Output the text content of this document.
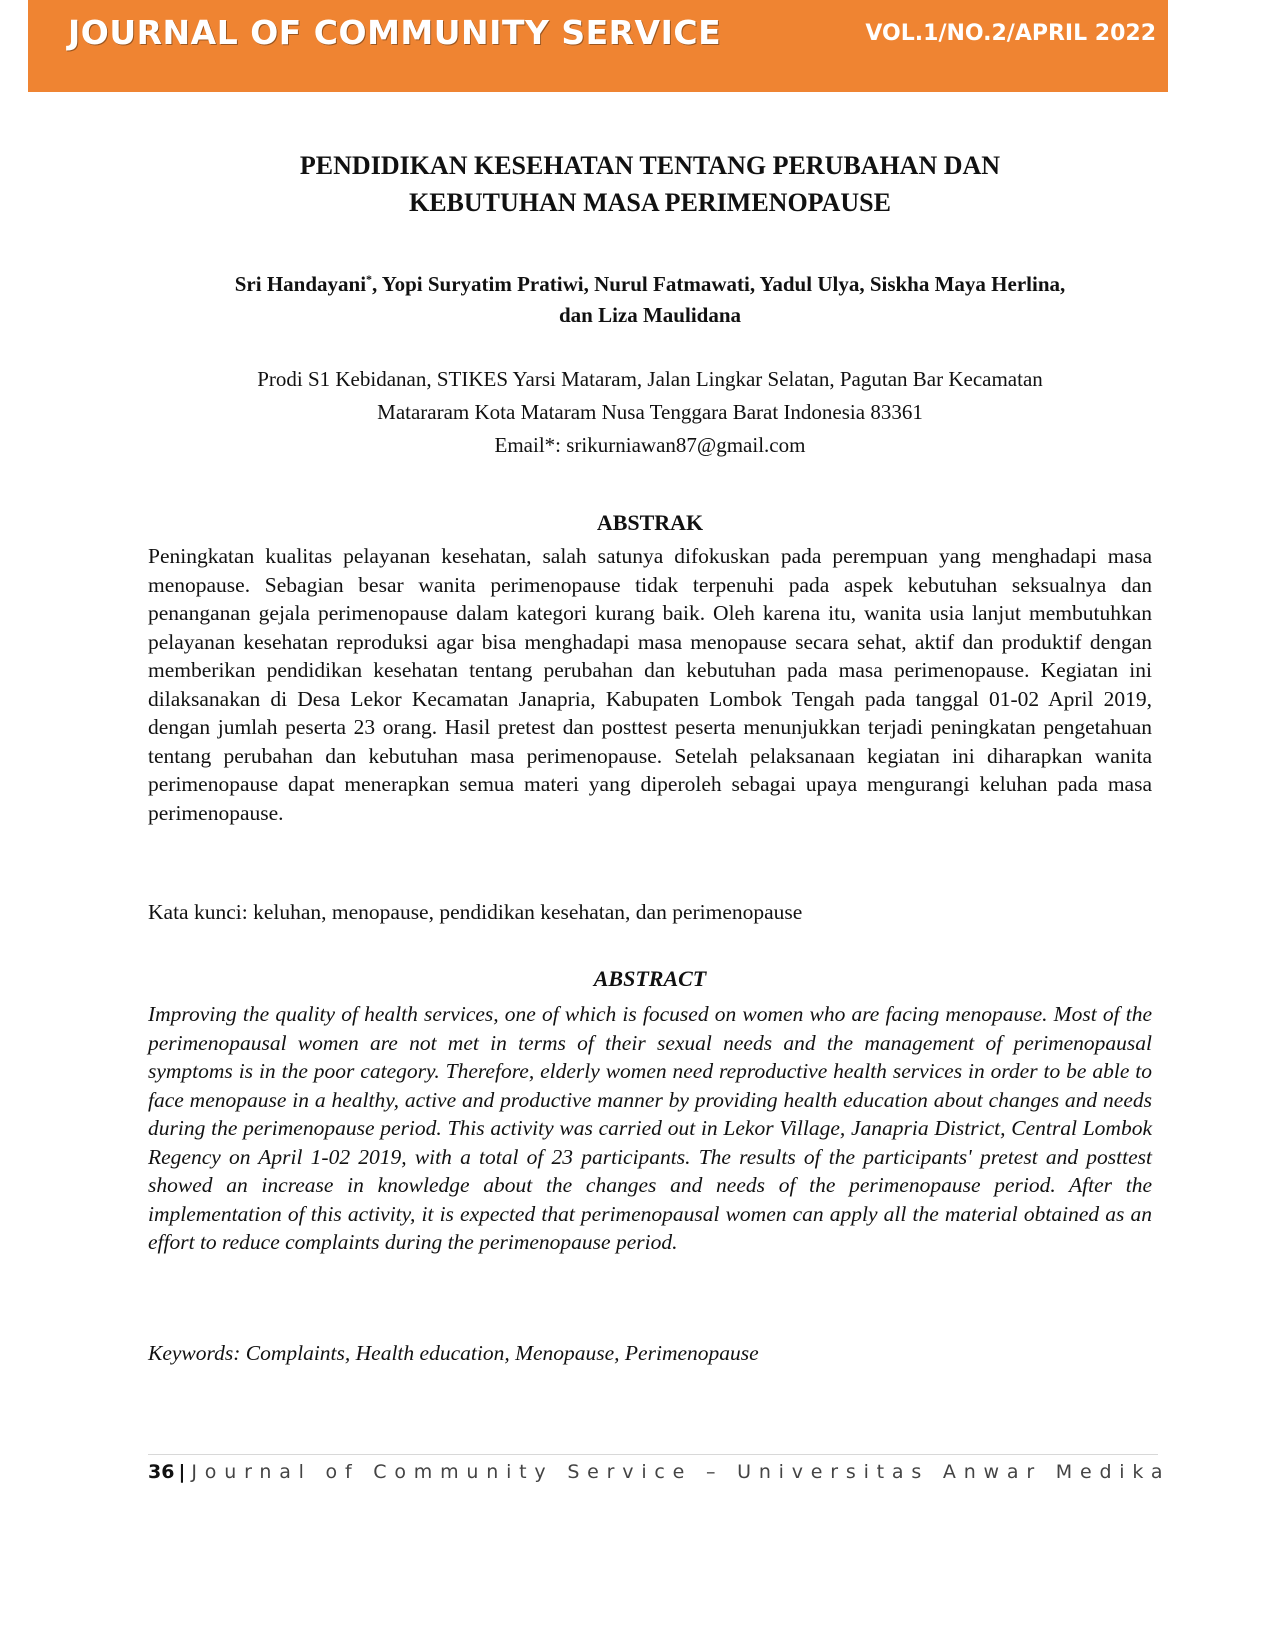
JOURNAL OF COMMUNITY SERVICE	VOL.1/NO.2/APRIL 2022
PENDIDIKAN KESEHATAN TENTANG PERUBAHAN DAN
KEBUTUHAN MASA PERIMENOPAUSE
Sri Handayani*, Yopi Suryatim Pratiwi, Nurul Fatmawati, Yadul Ulya, Siskha Maya Herlina,
dan Liza Maulidana
Prodi S1 Kebidanan, STIKES Yarsi Mataram, Jalan Lingkar Selatan, Pagutan Bar Kecamatan
Matararam Kota Mataram Nusa Tenggara Barat Indonesia 83361
Email*: srikurniawan87@gmail.com
ABSTRAK

Peningkatan kualitas pelayanan kesehatan, salah satunya difokuskan pada perempuan yang menghadapi masa menopause. Sebagian besar wanita perimenopause tidak terpenuhi pada aspek kebutuhan seksualnya dan penanganan gejala perimenopause dalam kategori kurang baik. Oleh karena itu, wanita usia lanjut membutuhkan pelayanan kesehatan reproduksi agar bisa menghadapi masa menopause secara sehat, aktif dan produktif dengan memberikan pendidikan kesehatan tentang perubahan dan kebutuhan pada masa perimenopause. Kegiatan ini dilaksanakan di Desa Lekor Kecamatan Janapria, Kabupaten Lombok Tengah pada tanggal 01-02 April 2019, dengan jumlah peserta 23 orang. Hasil pretest dan posttest peserta menunjukkan terjadi peningkatan pengetahuan tentang perubahan dan kebutuhan masa perimenopause. Setelah pelaksanaan kegiatan ini diharapkan wanita perimenopause dapat menerapkan semua materi yang diperoleh sebagai upaya mengurangi keluhan pada masa perimenopause.

Kata kunci: keluhan, menopause, pendidikan kesehatan, dan perimenopause

ABSTRACT

Improving the quality of health services, one of which is focused on women who are facing menopause. Most of the perimenopausal women are not met in terms of their sexual needs and the management of perimenopausal symptoms is in the poor category. Therefore, elderly women need reproductive health services in order to be able to face menopause in a healthy, active and productive manner by providing health education about changes and needs during the perimenopause period. This activity was carried out in Lekor Village, Janapria District, Central Lombok Regency on April 1-02 2019, with a total of 23 participants. The results of the participants' pretest and posttest showed an increase in knowledge about the changes and needs of the perimenopause period. After the implementation of this activity, it is expected that perimenopausal women can apply all the material obtained as an effort to reduce complaints during the perimenopause period.

Keywords: Complaints, Health education, Menopause, Perimenopause

36 | Journal of Community Service – Universitas Anwar Medika
